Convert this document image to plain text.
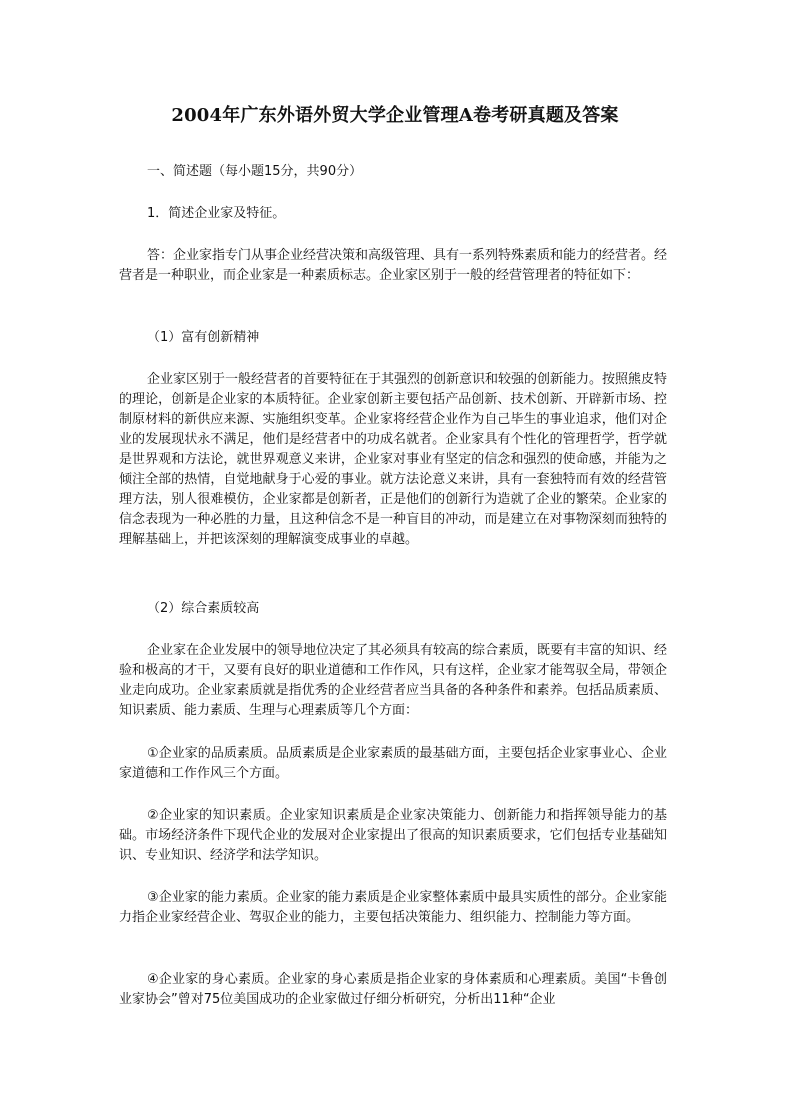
2004年广东外语外贸大学企业管理A卷考研真题及答案
一、简述题（每小题15分，共90分）
1．简述企业家及特征。
答：企业家指专门从事企业经营决策和高级管理、具有一系列特殊素质和能力的经营者。经营者是一种职业，而企业家是一种素质标志。企业家区别于一般的经营管理者的特征如下：
（1）富有创新精神
企业家区别于一般经营者的首要特征在于其强烈的创新意识和较强的创新能力。按照熊皮特的理论，创新是企业家的本质特征。企业家创新主要包括产品创新、技术创新、开辟新市场、控制原材料的新供应来源、实施组织变革。企业家将经营企业作为自己毕生的事业追求，他们对企业的发展现状永不满足，他们是经营者中的功成名就者。企业家具有个性化的管理哲学，哲学就是世界观和方法论，就世界观意义来讲，企业家对事业有坚定的信念和强烈的使命感，并能为之倾注全部的热情，自觉地献身于心爱的事业。就方法论意义来讲，具有一套独特而有效的经营管理方法，别人很难模仿，企业家都是创新者，正是他们的创新行为造就了企业的繁荣。企业家的信念表现为一种必胜的力量，且这种信念不是一种盲目的冲动，而是建立在对事物深刻而独特的理解基础上，并把该深刻的理解演变成事业的卓越。
（2）综合素质较高
企业家在企业发展中的领导地位决定了其必须具有较高的综合素质，既要有丰富的知识、经验和极高的才干，又要有良好的职业道德和工作作风，只有这样，企业家才能驾驭全局，带领企业走向成功。企业家素质就是指优秀的企业经营者应当具备的各种条件和素养。包括品质素质、知识素质、能力素质、生理与心理素质等几个方面：
①企业家的品质素质。品质素质是企业家素质的最基础方面，主要包括企业家事业心、企业家道德和工作作风三个方面。
②企业家的知识素质。企业家知识素质是企业家决策能力、创新能力和指挥领导能力的基础。市场经济条件下现代企业的发展对企业家提出了很高的知识素质要求，它们包括专业基础知识、专业知识、经济学和法学知识。
③企业家的能力素质。企业家的能力素质是企业家整体素质中最具实质性的部分。企业家能力指企业家经营企业、驾驭企业的能力，主要包括决策能力、组织能力、控制能力等方面。
④企业家的身心素质。企业家的身心素质是指企业家的身体素质和心理素质。美国“卡鲁创业家协会”曾对75位美国成功的企业家做过仔细分析研究，分析出11种“企业
